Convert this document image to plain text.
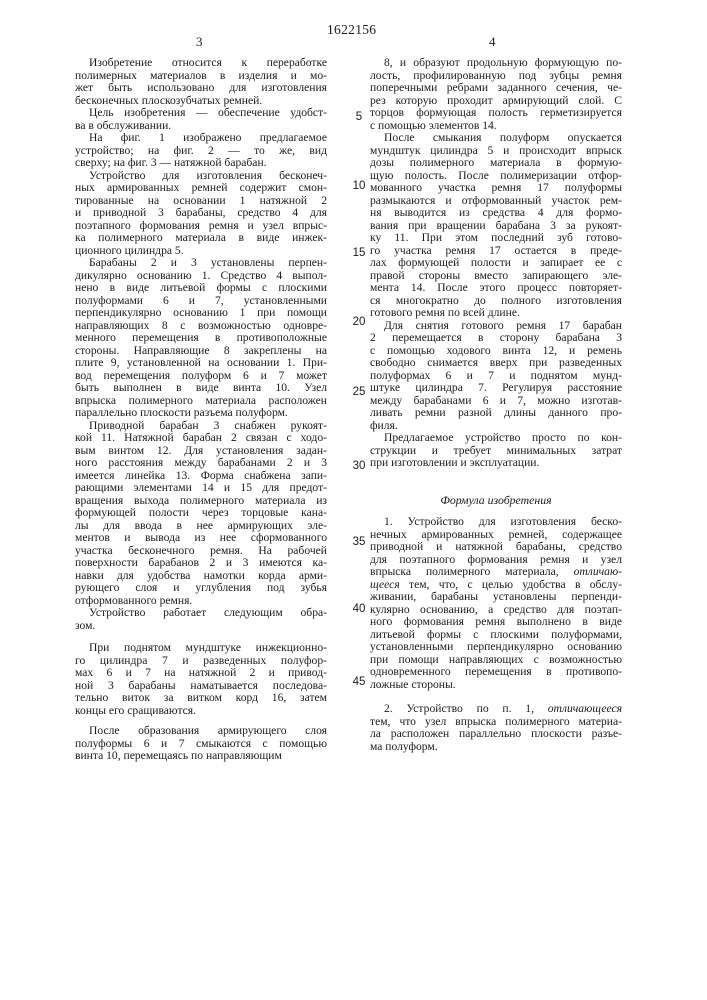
3
1622156
4
5
10
15
20
25
30
35
40
45
Изобретение относится к переработке
полимерных материалов в изделия и мо-
жет быть использовано для изготовления
бесконечных плоскозубчатых ремней.
Цель изобретения — обеспечение удобст-
ва в обслуживании.
На фиг. 1 изображено предлагаемое
устройство; на фиг. 2 — то же, вид
сверху; на фиг. 3 — натяжной барабан.
Устройство для изготовления бесконеч-
ных армированных ремней содержит смон-
тированные на основании 1 натяжной 2
и приводной 3 барабаны, средство 4 для
поэтапного формования ремня и узел впрыс-
ка полимерного материала в виде инжек-
ционного цилиндра 5.
Барабаны 2 и 3 установлены перпен-
дикулярно основанию 1. Средство 4 выпол-
нено в виде литьевой формы с плоскими
полуформами 6 и 7, установленными
перпендикулярно основанию 1 при помощи
направляющих 8 с возможностью одновре-
менного перемещения в противоположные
стороны. Направляющие 8 закреплены на
плите 9, установленной на основании 1. При-
вод перемещения полуформ 6 и 7 может
быть выполнен в виде винта 10. Узел
впрыска полимерного материала расположен
параллельно плоскости разъема полуформ.
Приводной барабан 3 снабжен рукоят-
кой 11. Натяжной барабан 2 связан с ходо-
вым винтом 12. Для установления задан-
ного расстояния между барабанами 2 и 3
имеется линейка 13. Форма снабжена запи-
рающими элементами 14 и 15 для предот-
вращения выхода полимерного материала из
формующей полости через торцовые кана-
лы для ввода в нее армирующих эле-
ментов и вывода из нее сформованного
участка бесконечного ремня. На рабочей
поверхности барабанов 2 и 3 имеются ка-
навки для удобства намотки корда арми-
рующего слоя и углубления под зубья
отформованного ремня.
Устройство работает следующим обра-
зом.
При поднятом мундштуке инжекционно-
го цилиндра 7 и разведенных полуфор-
мах 6 и 7 на натяжной 2 и привод-
ной 3 барабаны наматывается последова-
тельно виток за витком корд 16, затем
концы его сращиваются.
После образования армирующего слоя
полуформы 6 и 7 смыкаются с помощью
винта 10, перемещаясь по направляющим
8, и образуют продольную формующую по-
лость, профилированную под зубцы ремня
поперечными ребрами заданного сечения, че-
рез которую проходит армирующий слой. С
торцов формующая полость герметизируется
с помощью элементов 14.
После смыкания полуформ опускается
мундштук цилиндра 5 и происходит впрыск
дозы полимерного материала в формую-
щую полость. После полимеризации отфор-
мованного участка ремня 17 полуформы
размыкаются и отформованный участок рем-
ня выводится из средства 4 для формо-
вания при вращении барабана 3 за рукоят-
ку 11. При этом последний зуб готово-
го участка ремня 17 остается в преде-
лах формующей полости и запирает ее с
правой стороны вместо запирающего эле-
мента 14. После этого процесс повторяет-
ся многократно до полного изготовления
готового ремня по всей длине.
Для снятия готового ремня 17 барабан
2 перемещается в сторону барабана 3
с помощью ходового винта 12, и ремень
свободно снимается вверх при разведенных
полуформах 6 и 7 и поднятом мунд-
штуке цилиндра 7. Регулируя расстояние
между барабанами 6 и 7, можно изготав-
ливать ремни разной длины данного про-
филя.
Предлагаемое устройство просто по кон-
струкции и требует минимальных затрат
при изготовлении и эксплуатации.
Формула изобретения
1. Устройство для изготовления беско-
нечных армированных ремней, содержащее
приводной и натяжной барабаны, средство
для поэтапного формования ремня и узел
впрыска полимерного материала, отличаю-
щееся тем, что, с целью удобства в обслу-
живании, барабаны установлены перпенди-
кулярно основанию, а средство для поэтап-
ного формования ремня выполнено в виде
литьевой формы с плоскими полуформами,
установленными перпендикулярно основанию
при помощи направляющих с возможностью
одновременного перемещения в противопо-
ложные стороны.
2. Устройство по п. 1, отличающееся
тем, что узел впрыска полимерного материа-
ла расположен параллельно плоскости разъе-
ма полуформ.
